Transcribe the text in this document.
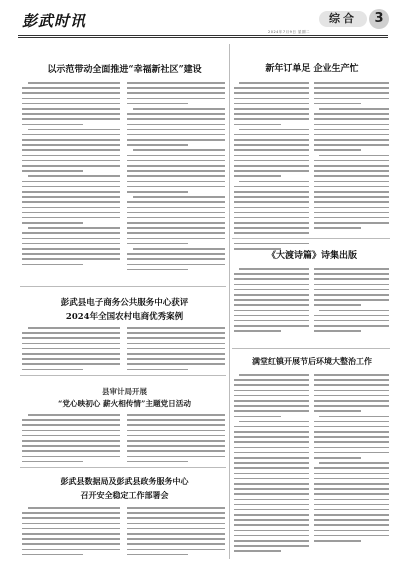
彭武时讯	综合	3
2024年7月9日 星期二
以示范带动全面推进“幸福新社区”建设
彭武县电子商务公共服务中心获评
2024年全国农村电商优秀案例
县审计局开展
“党心映初心 薪火相传情”主题党日活动
彭武县数据局及彭武县政务服务中心
召开安全稳定工作部署会
新年订单足 企业生产忙
《大渡诗篇》诗集出版
满堂红镇开展节后环境大整治工作
